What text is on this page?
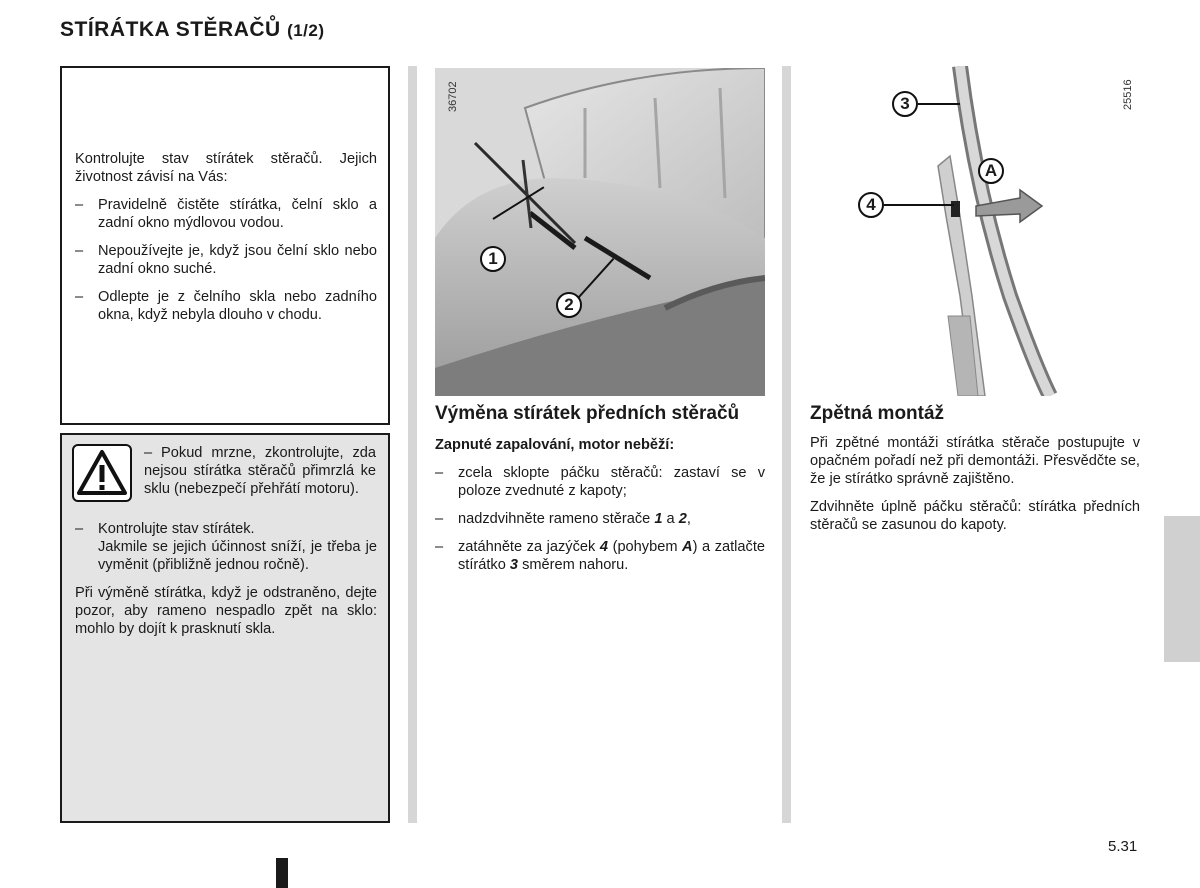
STÍRÁTKA STĚRAČŮ (1/2)

Kontrolujte stav stírátek stěračů. Jejich životnost závisí na Vás:

– Pravidelně čistěte stírátka, čelní sklo a zadní okno mýdlovou vodou.
– Nepoužívejte je, když jsou čelní sklo nebo zadní okno suché.
– Odlepte je z čelního skla nebo zadního okna, když nebyla dlouho v chodu.
– Pokud mrzne, zkontrolujte, zda nejsou stírátka stěračů přimrzlá ke sklu (nebezpečí přehřátí motoru).
– Kontrolujte stav stírátek.
Jakmile se jejich účinnost sníží, je třeba je vyměnit (přibližně jednou ročně).

Při výměně stírátka, když je odstraněno, dejte pozor, aby rameno nespadlo zpět na sklo: mohlo by dojít k prasknutí skla.

36702
1
2
Výměna stírátek předních stěračů

Zapnuté zapalování, motor neběží:

– zcela sklopte páčku stěračů: zastaví se v poloze zvednuté z kapoty;
– nadzdvihněte rameno stěrače 1 a 2,
– zatáhněte za jazýček 4 (pohybem A) a zatlačte stírátko 3 směrem nahoru.
25516
3
A
4
Zpětná montáž

Při zpětné montáži stírátka stěrače postupujte v opačném pořadí než při demontáži. Přesvědčte se, že je stírátko správně zajištěno.

Zdvihněte úplně páčku stěračů: stírátka předních stěračů se zasunou do kapoty.

5.31
